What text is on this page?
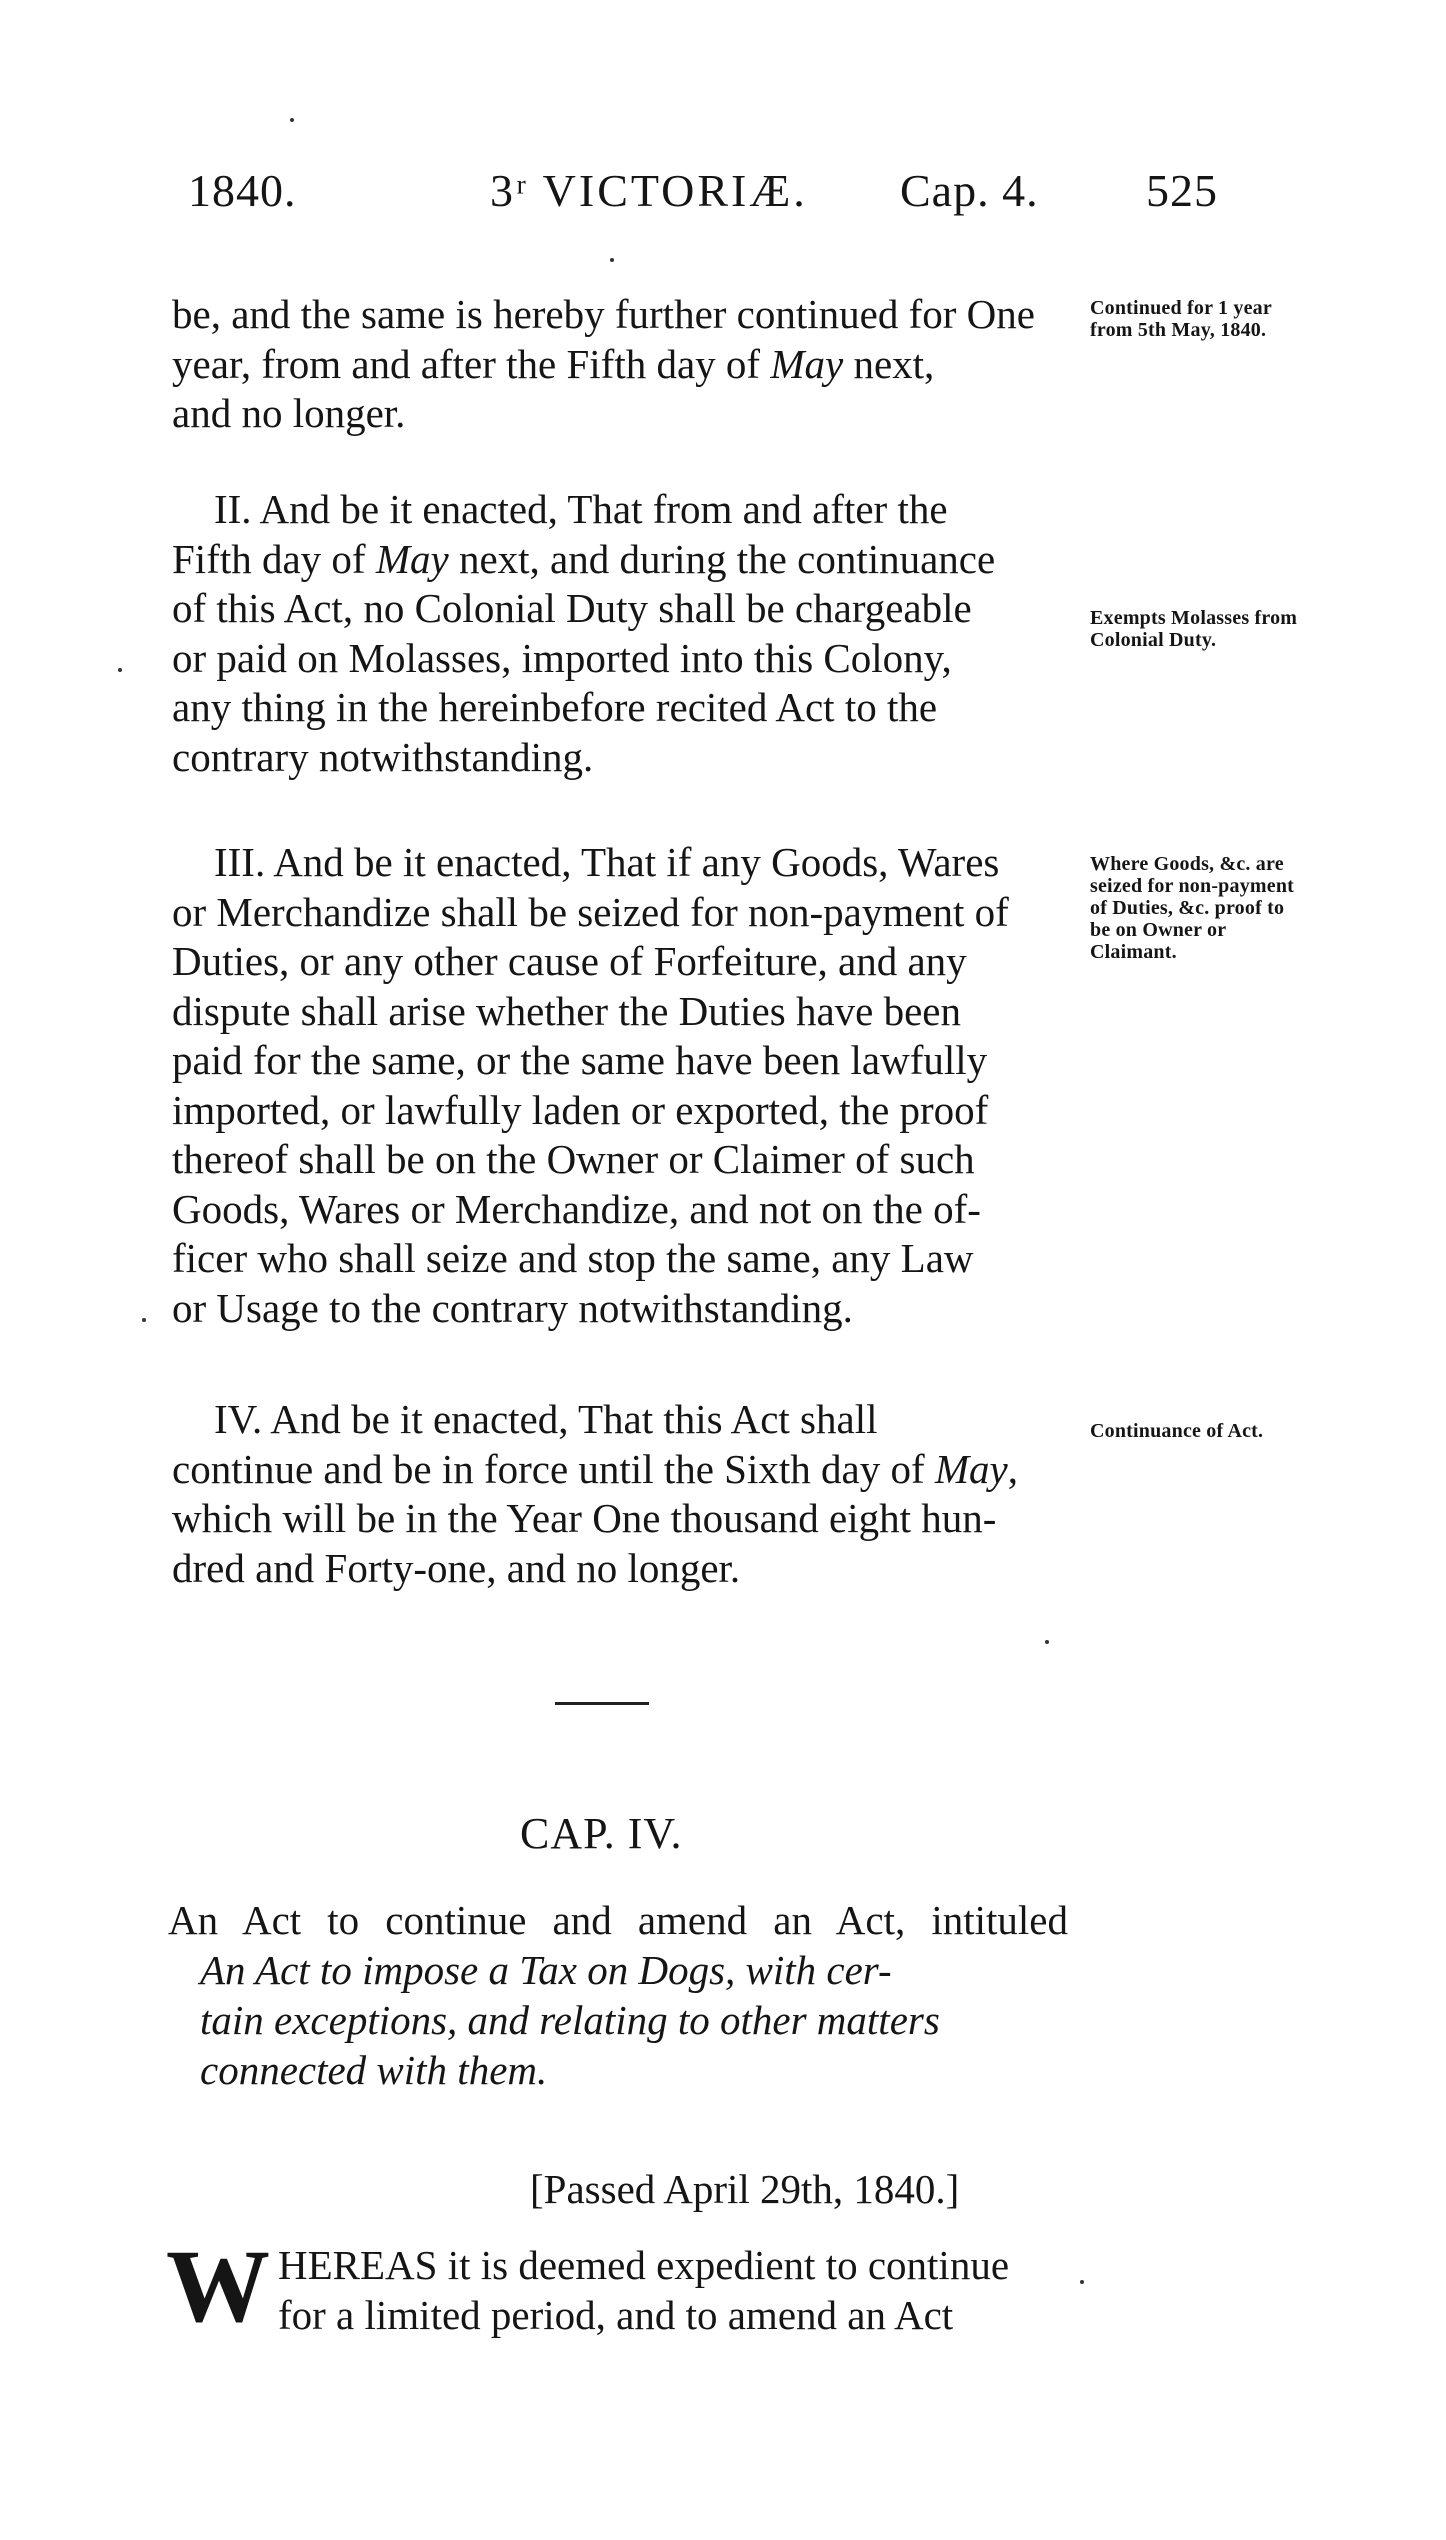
1840.	3ʳ VICTORIÆ. Cap. 4. 525

be, and the same is hereby further continued for One

year, from and after the Fifth day of May next,

and no longer.

Continued for 1 year from 5th May, 1840.

II. And be it enacted, That from and after the

Fifth day of May next, and during the continuance

of this Act, no Colonial Duty shall be chargeable

or paid on Molasses, imported into this Colony,

any thing in the hereinbefore recited Act to the

contrary notwithstanding.

Exempts Molasses from Colonial Duty.

III. And be it enacted, That if any Goods, Wares

or Merchandize shall be seized for non-payment of

Duties, or any other cause of Forfeiture, and any

dispute shall arise whether the Duties have been

paid for the same, or the same have been lawfully

imported, or lawfully laden or exported, the proof

thereof shall be on the Owner or Claimer of such

Goods, Wares or Merchandize, and not on the of-

ficer who shall seize and stop the same, any Law

or Usage to the contrary notwithstanding.

Where Goods, &c. are seized for non-payment of Duties, &c. proof to be on Owner or Claimant.

IV. And be it enacted, That this Act shall

continue and be in force until the Sixth day of May,

which will be in the Year One thousand eight hun-

dred and Forty-one, and no longer.

Continuance of Act.
CAP. IV.
An Act to continue and amend an Act, intituled
An Act to impose a Tax on Dogs, with cer-
tain exceptions, and relating to other matters
connected with them.
[Passed April 29th, 1840.]
W HEREAS it is deemed expedient to continue
for a limited period, and to amend an Act
